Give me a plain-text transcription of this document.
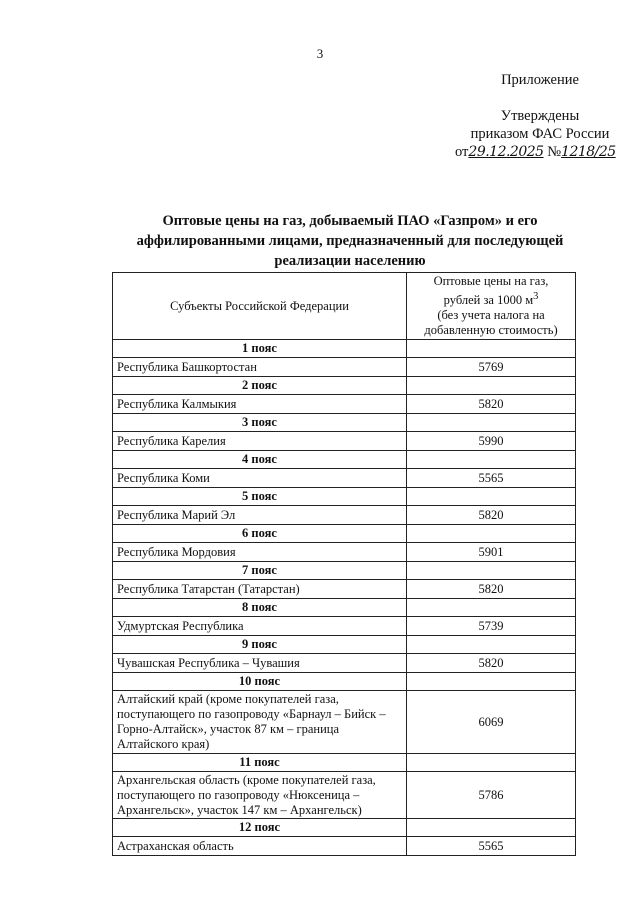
3
Приложение
Утверждены
приказом ФАС России
от29.12.2025 №1218/25
Оптовые цены на газ, добываемый ПАО «Газпром» и его аффилированными лицами, предназначенный для последующей реализации населению
Субъекты Российской Федерации	Оптовые цены на газ,
рублей за 1000 $м^3$
(без учета налога на
добавленную стоимость)
1 пояс	
Республика Башкортостан	5769
2 пояс	
Республика Калмыкия	5820
3 пояс	
Республика Карелия	5990
4 пояс	
Республика Коми	5565
5 пояс	
Республика Марий Эл	5820
6 пояс	
Республика Мордовия	5901
7 пояс	
Республика Татарстан (Татарстан)	5820
8 пояс	
Удмуртская Республика	5739
9 пояс	
Чувашская Республика – Чувашия	5820
10 пояс	
Алтайский край (кроме покупателей газа, поступающего по газопроводу «Барнаул – Бийск – Горно-Алтайск», участок 87 км – граница Алтайского края)	6069
11 пояс	
Архангельская область (кроме покупателей газа, поступающего по газопроводу «Нюксеница – Архангельск», участок 147 км – Архангельск)	5786
12 пояс	
Астраханская область	5565
